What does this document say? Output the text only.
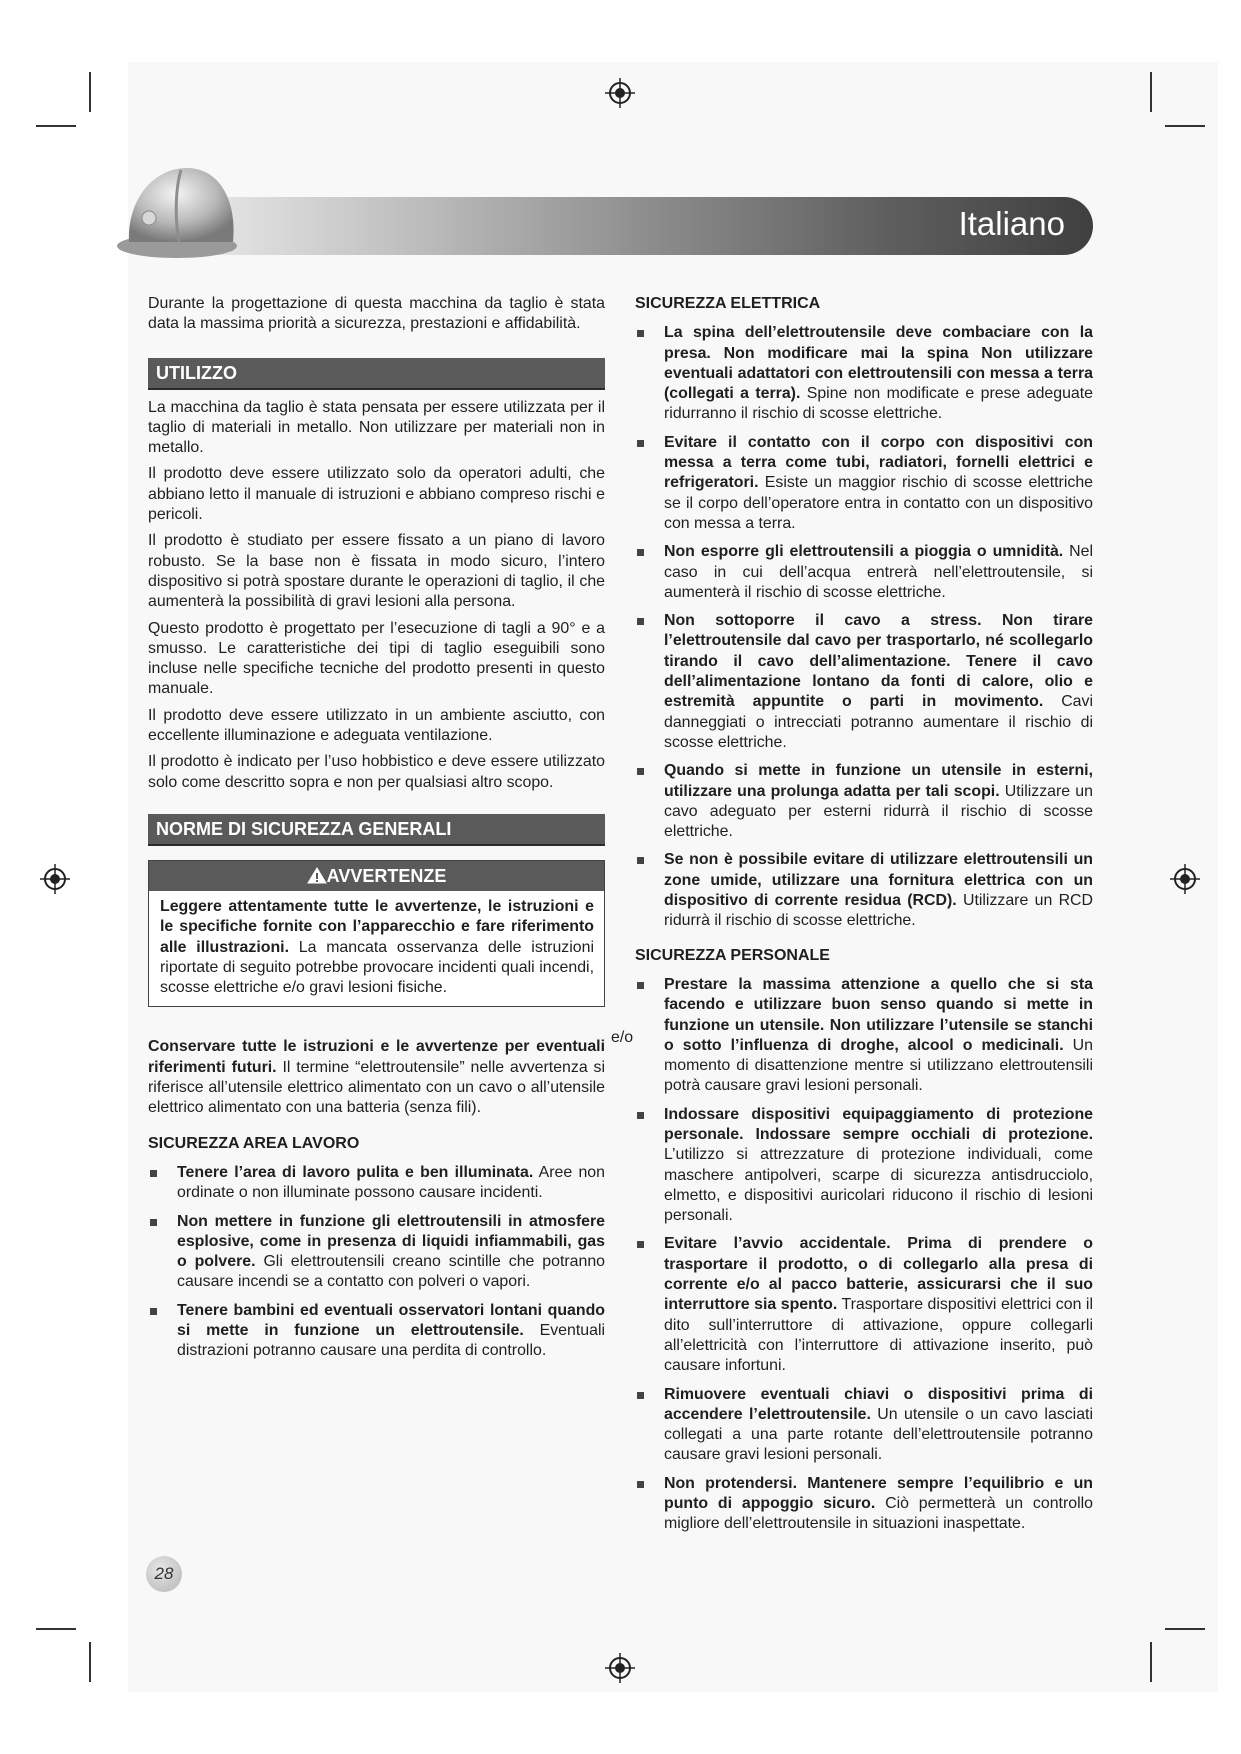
Italiano

Durante la progettazione di questa macchina da taglio è stata data la massima priorità a sicurezza, prestazioni e affidabilità.

UTILIZZO

La macchina da taglio è stata pensata per essere utilizzata per il taglio di materiali in metallo. Non utilizzare per materiali non in metallo.

Il prodotto deve essere utilizzato solo da operatori adulti, che abbiano letto il manuale di istruzioni e abbiano compreso rischi e pericoli.

Il prodotto è studiato per essere fissato a un piano di lavoro robusto. Se la base non è fissata in modo sicuro, l’intero dispositivo si potrà spostare durante le operazioni di taglio, il che aumenterà la possibilità di gravi lesioni alla persona.

Questo prodotto è progettato per l’esecuzione di tagli a 90° e a smusso. Le caratteristiche dei tipi di taglio eseguibili sono incluse nelle specifiche tecniche del prodotto presenti in questo manuale.

Il prodotto deve essere utilizzato in un ambiente asciutto, con eccellente illuminazione e adeguata ventilazione.

Il prodotto è indicato per l’uso hobbistico e deve essere utilizzato solo come descritto sopra e non per qualsiasi altro scopo.

NORME DI SICUREZZA GENERALI
AVVERTENZE
Leggere attentamente tutte le avvertenze, le istruzioni e le specifiche fornite con l’apparecchio e fare riferimento alle illustrazioni. La mancata osservanza delle istruzioni riportate di seguito potrebbe provocare incidenti quali incendi, scosse elettriche e/o gravi lesioni fisiche.

Conservare tutte le istruzioni e le avvertenze per eventuali riferimenti futuri. Il termine “elettroutensile” nelle avvertenza si riferisce all’utensile elettrico alimentato con un cavo o all’utensile elettrico alimentato con una batteria (senza fili).

SICUREZZA AREA LAVORO
Tenere l’area di lavoro pulita e ben illuminata. Aree non ordinate o non illuminate possono causare incidenti.
Non mettere in funzione gli elettroutensili in atmosfere esplosive, come in presenza di liquidi infiammabili, gas o polvere. Gli elettroutensili creano scintille che potranno causare incendi se a contatto con polveri o vapori.
Tenere bambini ed eventuali osservatori lontani quando si mette in funzione un elettroutensile. Eventuali distrazioni potranno causare una perdita di controllo.
e/o
SICUREZZA ELETTRICA
La spina dell’elettroutensile deve combaciare con la presa. Non modificare mai la spina Non utilizzare eventuali adattatori con elettroutensili con messa a terra (collegati a terra). Spine non modificate e prese adeguate ridurranno il rischio di scosse elettriche.
Evitare il contatto con il corpo con dispositivi con messa a terra come tubi, radiatori, fornelli elettrici e refrigeratori. Esiste un maggior rischio di scosse elettriche se il corpo dell’operatore entra in contatto con un dispositivo con messa a terra.
Non esporre gli elettroutensili a pioggia o umnidità. Nel caso in cui dell’acqua entrerà nell’elettroutensile, si aumenterà il rischio di scosse elettriche.
Non sottoporre il cavo a stress. Non tirare l’elettroutensile dal cavo per trasportarlo, né scollegarlo tirando il cavo dell’alimentazione. Tenere il cavo dell’alimentazione lontano da fonti di calore, olio e estremità appuntite o parti in movimento. Cavi danneggiati o intrecciati potranno aumentare il rischio di scosse elettriche.
Quando si mette in funzione un utensile in esterni, utilizzare una prolunga adatta per tali scopi. Utilizzare un cavo adeguato per esterni ridurrà il rischio di scosse elettriche.
Se non è possibile evitare di utilizzare elettroutensili un zone umide, utilizzare una fornitura elettrica con un dispositivo di corrente residua (RCD). Utilizzare un RCD ridurrà il rischio di scosse elettriche.
SICUREZZA PERSONALE
Prestare la massima attenzione a quello che si sta facendo e utilizzare buon senso quando si mette in funzione un utensile. Non utilizzare l’utensile se stanchi o sotto l’influenza di droghe, alcool o medicinali. Un momento di disattenzione mentre si utilizzano elettroutensili potrà causare gravi lesioni personali.
Indossare dispositivi equipaggiamento di protezione personale. Indossare sempre occhiali di protezione. L’utilizzo si attrezzature di protezione individuali, come maschere antipolveri, scarpe di sicurezza antisdrucciolo, elmetto, e dispositivi auricolari riducono il rischio di lesioni personali.
Evitare l’avvio accidentale. Prima di prendere o trasportare il prodotto, o di collegarlo alla presa di corrente e/o al pacco batterie, assicurarsi che il suo interruttore sia spento. Trasportare dispositivi elettrici con il dito sull’interruttore di attivazione, oppure collegarli all’elettricità con l’interruttore di attivazione inserito, può causare infortuni.
Rimuovere eventuali chiavi o dispositivi prima di accendere l’elettroutensile. Un utensile o un cavo lasciati collegati a una parte rotante dell’elettroutensile potranno causare gravi lesioni personali.
Non protendersi. Mantenere sempre l’equilibrio e un punto di appoggio sicuro. Ciò permetterà un controllo migliore dell’elettroutensile in situazioni inaspettate.
28
